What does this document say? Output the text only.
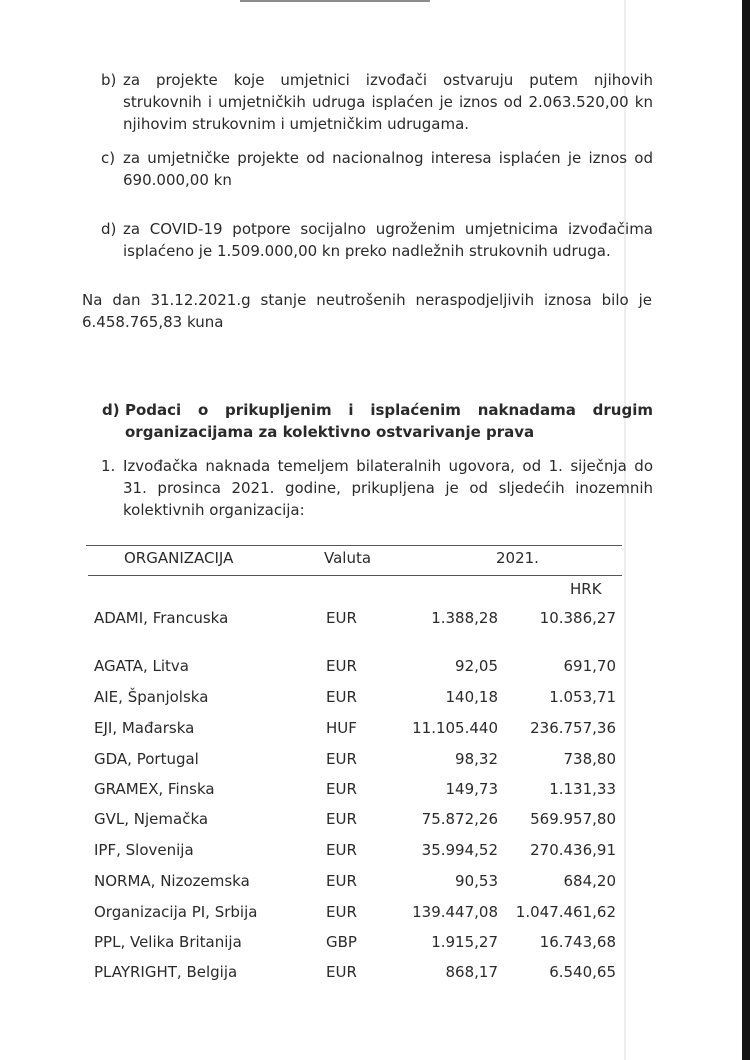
b) za projekte koje umjetnici izvođači ostvaruju putem njihovih
strukovnih i umjetničkih udruga isplaćen je iznos od 2.063.520,00 kn
njihovim strukovnim i umjetničkim udrugama.
c) za umjetničke projekte od nacionalnog interesa isplaćen je iznos od
690.000,00 kn
d) za COVID-19 potpore socijalno ugroženim umjetnicima izvođačima
isplaćeno je 1.509.000,00 kn preko nadležnih strukovnih udruga.
Na dan 31.12.2021.g stanje neutrošenih neraspodjeljivih iznosa bilo je
6.458.765,83 kuna
d) Podaci o prikupljenim i isplaćenim naknadama drugim
organizacijama za kolektivno ostvarivanje prava
1. Izvođačka naknada temeljem bilateralnih ugovora, od 1. siječnja do
31. prosinca 2021. godine, prikupljena je od sljedećih inozemnih
kolektivnih organizacija:
ORGANIZACIJA	Valuta	2021.
HRK
ADAMI, Francuska	EUR	1.388,28	10.386,27
AGATA, Litva	EUR	92,05	691,70
AIE, Španjolska	EUR	140,18	1.053,71
EJI, Mađarska	HUF	11.105.440 236.757,36
GDA, Portugal	EUR	98,32	738,80
GRAMEX, Finska	EUR	149,73	1.131,33
GVL, Njemačka	EUR	75.872,26 569.957,80
IPF, Slovenija	EUR	35.994,52 270.436,91
NORMA, Nizozemska	EUR	90,53	684,20
Organizacija PI, Srbija	EUR	139.447,08 1.047.461,62
PPL, Velika Britanija	GBP	1.915,27	16.743,68
PLAYRIGHT, Belgija	EUR	868,17	6.540,65
